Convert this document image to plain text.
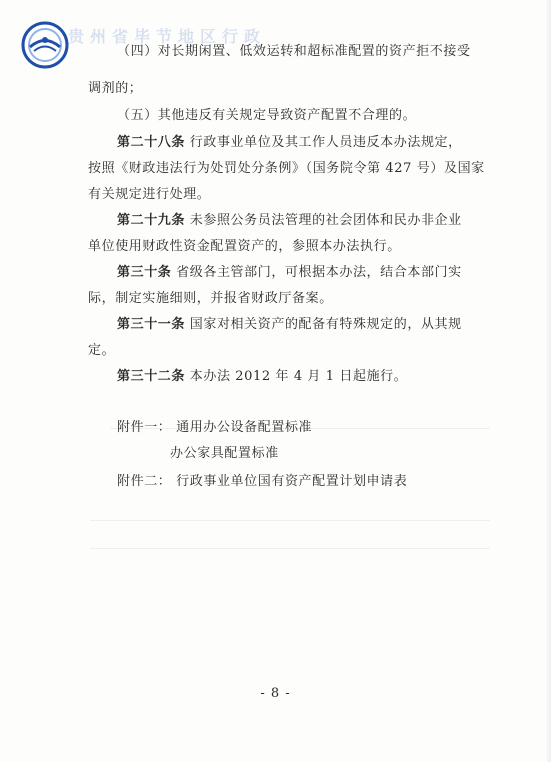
贵州省毕节地区行政
（四）对长期闲置、低效运转和超标准配置的资产拒不接受
调剂的；
（五）其他违反有关规定导致资产配置不合理的。
第二十八条 行政事业单位及其工作人员违反本办法规定，
按照《财政违法行为处罚处分条例》（国务院令第 427 号）及国家
有关规定进行处理。
第二十九条 未参照公务员法管理的社会团体和民办非企业
单位使用财政性资金配置资产的，参照本办法执行。
第三十条 省级各主管部门，可根据本办法，结合本部门实
际，制定实施细则，并报省财政厅备案。
第三十一条 国家对相关资产的配备有特殊规定的，从其规
定。
第三十二条 本办法 2012 年 4 月 1 日起施行。
附件一： 通用办公设备配置标准
办公家具配置标准
附件二： 行政事业单位国有资产配置计划申请表
- 8 -
